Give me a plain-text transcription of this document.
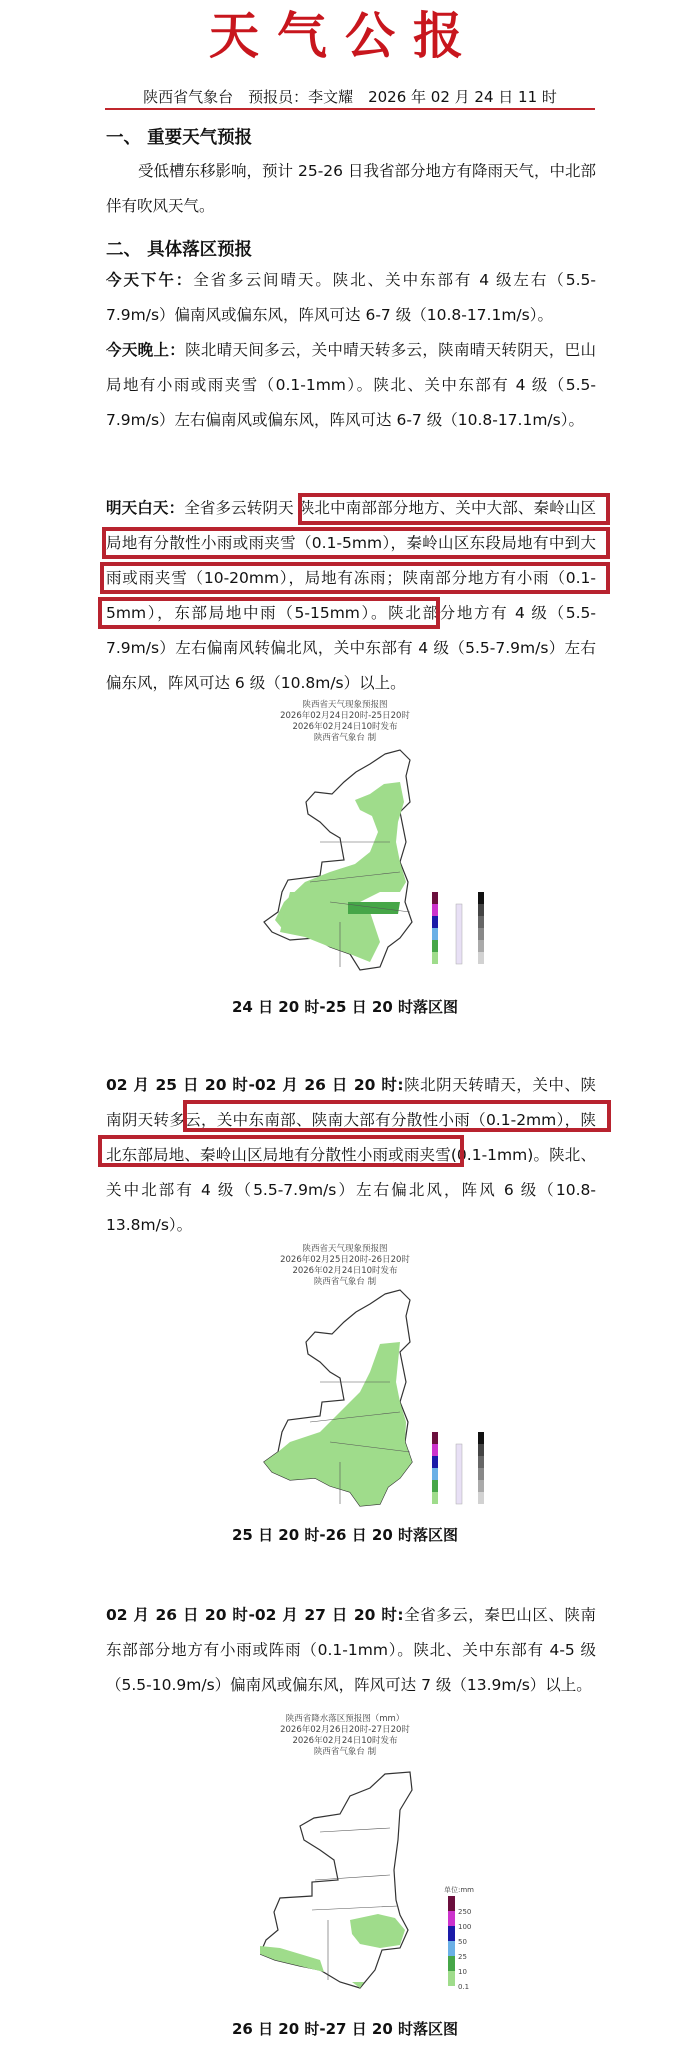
天气公报
陕西省气象台　预报员：李文耀　2026 年 02 月 24 日 11 时
一、 重要天气预报
受低槽东移影响，预计 25-26 日我省部分地方有降雨天气，中北部伴有吹风天气。
二、 具体落区预报
今天下午：全省多云间晴天。陕北、关中东部有 4 级左右（5.5-7.9m/s）偏南风或偏东风，阵风可达 6-7 级（10.8-17.1m/s）。
今天晚上：陕北晴天间多云，关中晴天转多云，陕南晴天转阴天，巴山局地有小雨或雨夹雪（0.1-1mm）。陕北、关中东部有 4 级（5.5-7.9m/s）左右偏南风或偏东风，阵风可达 6-7 级（10.8-17.1m/s）。
明天白天：全省多云转阴天 陕北中南部部分地方、关中大部、秦岭山区局地有分散性小雨或雨夹雪（0.1-5mm），秦岭山区东段局地有中到大雨或雨夹雪（10-20mm），局地有冻雨；陕南部分地方有小雨（0.1-5mm），东部局地中雨（5-15mm）。陕北部分地方有 4 级（5.5-7.9m/s）左右偏南风转偏北风，关中东部有 4 级（5.5-7.9m/s）左右偏东风，阵风可达 6 级（10.8m/s）以上。
陕西省天气现象预报图
2026年02月24日20时-25日20时
2026年02月24日10时发布
陕西省气象台 制
24 日 20 时-25 日 20 时落区图
02 月 25 日 20 时-02 月 26 日 20 时:陕北阴天转晴天，关中、陕南阴天转多云，关中东南部、陕南大部有分散性小雨（0.1-2mm），陕北东部局地、秦岭山区局地有分散性小雨或雨夹雪(0.1-1mm)。陕北、关中北部有 4 级（5.5-7.9m/s）左右偏北风，阵风 6 级（10.8-13.8m/s）。
陕西省天气现象预报图
2026年02月25日20时-26日20时
2026年02月24日10时发布
陕西省气象台 制
25 日 20 时-26 日 20 时落区图
02 月 26 日 20 时-02 月 27 日 20 时:全省多云，秦巴山区、陕南东部部分地方有小雨或阵雨（0.1-1mm）。陕北、关中东部有 4-5 级（5.5-10.9m/s）偏南风或偏东风，阵风可达 7 级（13.9m/s）以上。
陕西省降水落区预报图（mm）
2026年02月26日20时-27日20时
2026年02月24日10时发布
陕西省气象台 制
250
100
50
25
10
0.1
单位:mm
26 日 20 时-27 日 20 时落区图
